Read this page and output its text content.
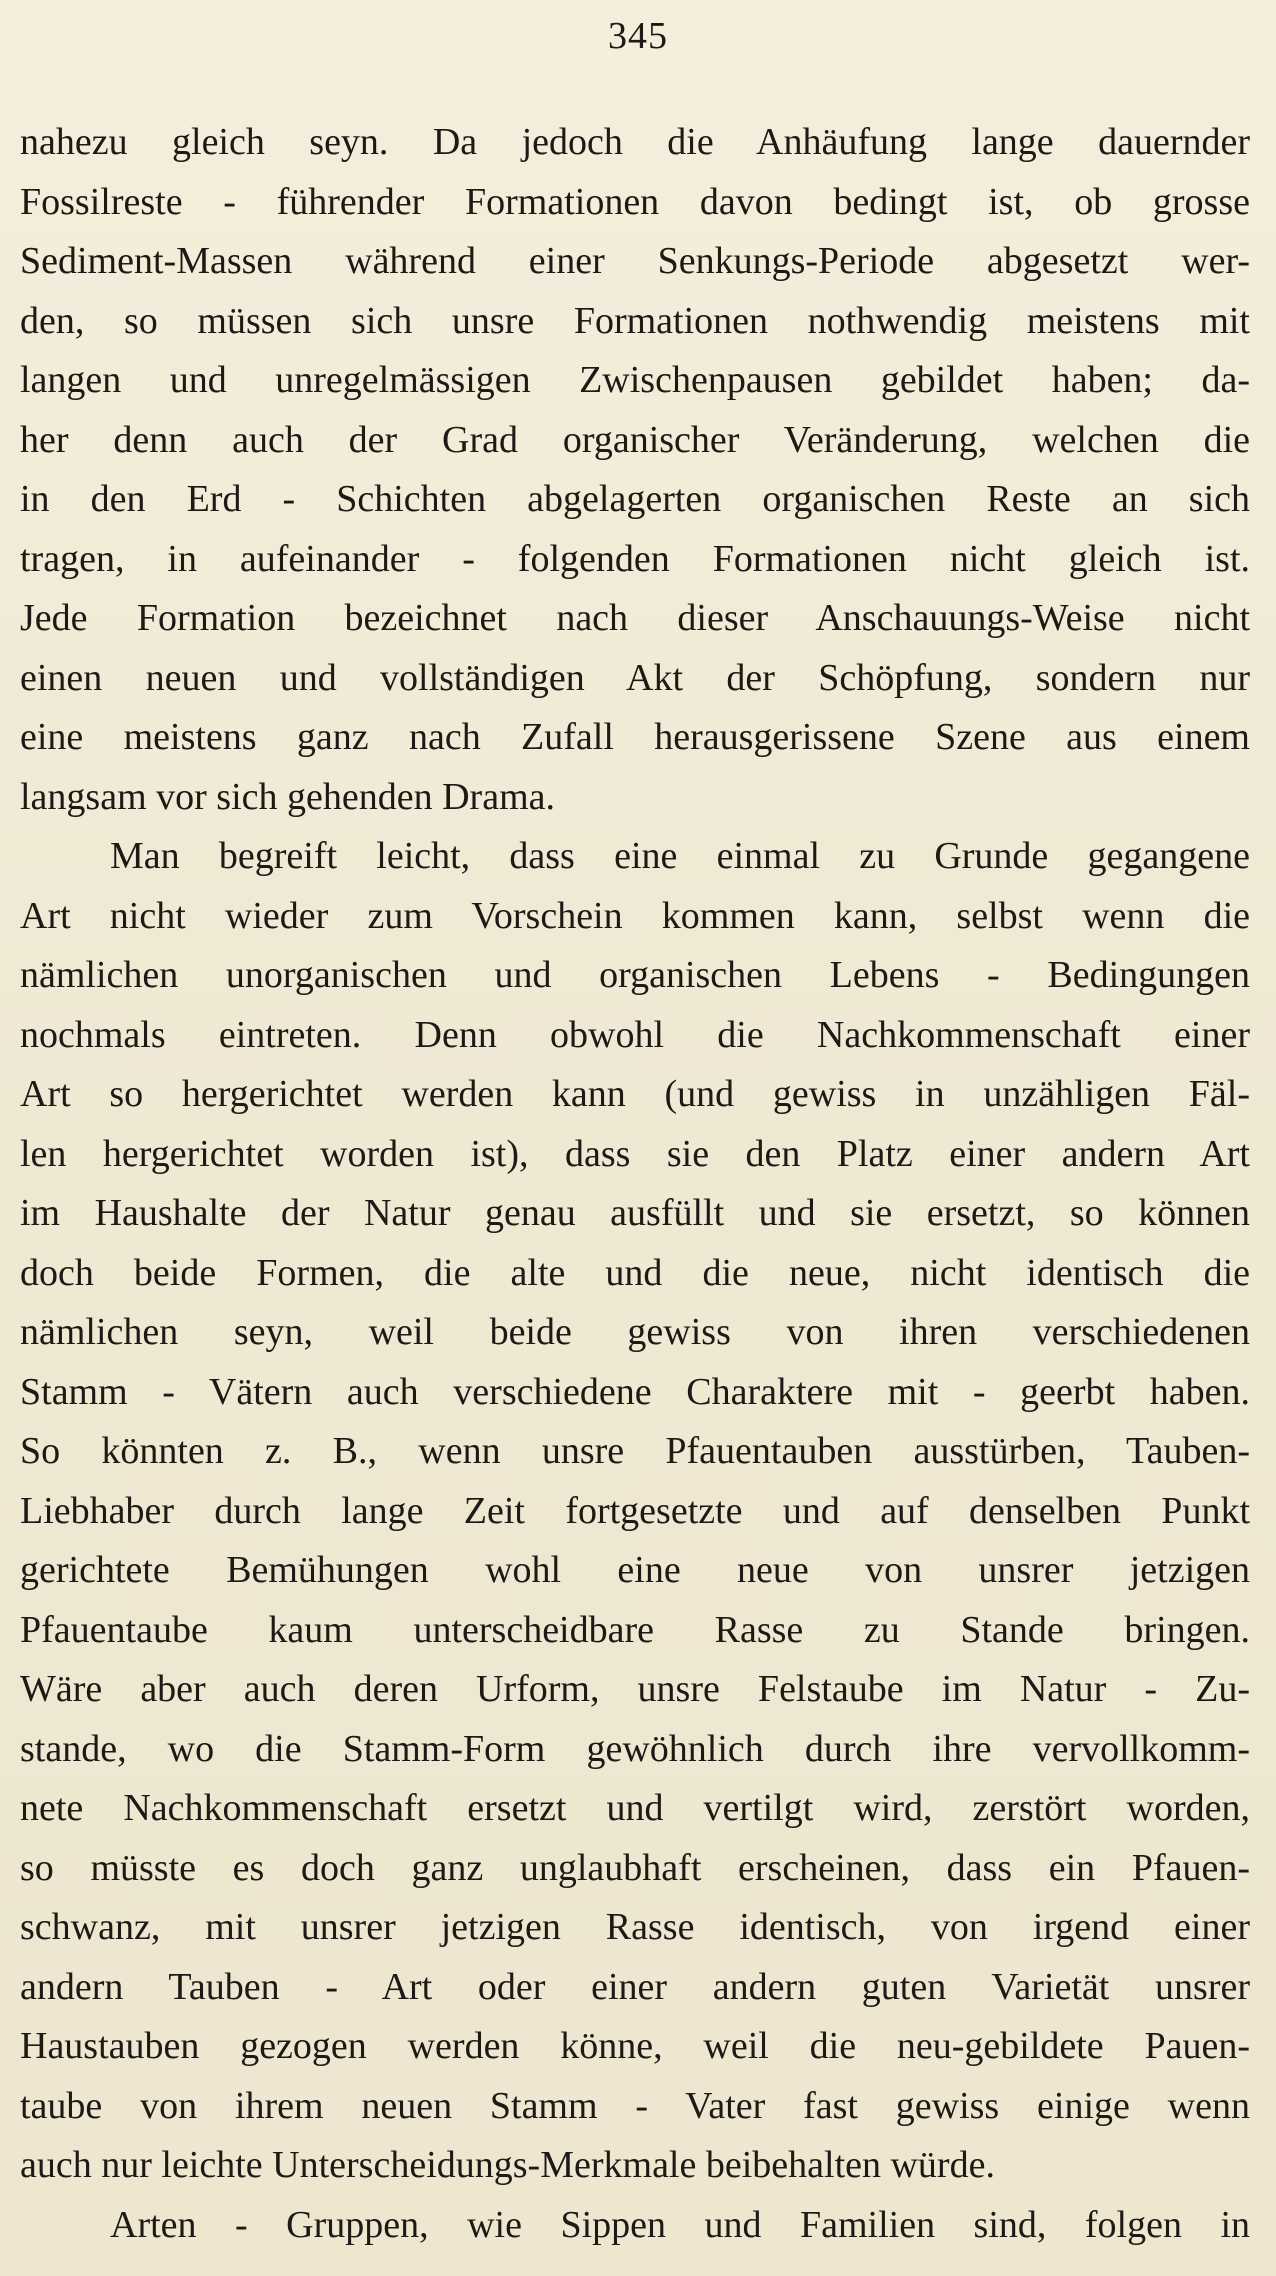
345
nahezu gleich seyn. Da jedoch die Anhäufung lange dauernder
Fossilreste - führender Formationen davon bedingt ist, ob grosse
Sediment-Massen während einer Senkungs-Periode abgesetzt wer-
den, so müssen sich unsre Formationen nothwendig meistens mit
langen und unregelmässigen Zwischenpausen gebildet haben; da-
her denn auch der Grad organischer Veränderung, welchen die
in den Erd - Schichten abgelagerten organischen Reste an sich
tragen, in aufeinander - folgenden Formationen nicht gleich ist.
Jede Formation bezeichnet nach dieser Anschauungs-Weise nicht
einen neuen und vollständigen Akt der Schöpfung, sondern nur
eine meistens ganz nach Zufall herausgerissene Szene aus einem
langsam vor sich gehenden Drama.
Man begreift leicht, dass eine einmal zu Grunde gegangene
Art nicht wieder zum Vorschein kommen kann, selbst wenn die
nämlichen unorganischen und organischen Lebens - Bedingungen
nochmals eintreten. Denn obwohl die Nachkommenschaft einer
Art so hergerichtet werden kann (und gewiss in unzähligen Fäl-
len hergerichtet worden ist), dass sie den Platz einer andern Art
im Haushalte der Natur genau ausfüllt und sie ersetzt, so können
doch beide Formen, die alte und die neue, nicht identisch die
nämlichen seyn, weil beide gewiss von ihren verschiedenen
Stamm - Vätern auch verschiedene Charaktere mit - geerbt haben.
So könnten z. B., wenn unsre Pfauentauben ausstürben, Tauben-
Liebhaber durch lange Zeit fortgesetzte und auf denselben Punkt
gerichtete Bemühungen wohl eine neue von unsrer jetzigen
Pfauentaube kaum unterscheidbare Rasse zu Stande bringen.
Wäre aber auch deren Urform, unsre Felstaube im Natur - Zu-
stande, wo die Stamm-Form gewöhnlich durch ihre vervollkomm-
nete Nachkommenschaft ersetzt und vertilgt wird, zerstört worden,
so müsste es doch ganz unglaubhaft erscheinen, dass ein Pfauen-
schwanz, mit unsrer jetzigen Rasse identisch, von irgend einer
andern Tauben - Art oder einer andern guten Varietät unsrer
Haustauben gezogen werden könne, weil die neu-gebildete Pauen-
taube von ihrem neuen Stamm - Vater fast gewiss einige wenn
auch nur leichte Unterscheidungs-Merkmale beibehalten würde.
Arten - Gruppen, wie Sippen und Familien sind, folgen in
